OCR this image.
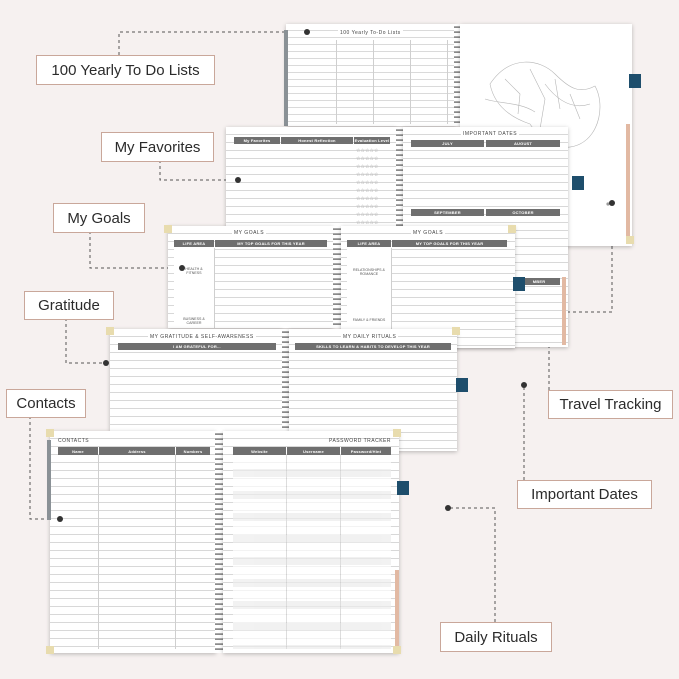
100 Yearly To-Do Lists
My Favorites	Honest Reflection	Evaluation Level
☆☆☆☆☆
☆☆☆☆☆
☆☆☆☆☆
☆☆☆☆☆
☆☆☆☆☆
☆☆☆☆☆
☆☆☆☆☆
☆☆☆☆☆
☆☆☆☆☆
☆☆☆☆☆
IMPORTANT DATES
JULY	AUGUST
SEPTEMBER	OCTOBER
MBER
MY GOALS
LIFE AREA	MY TOP GOALS FOR THIS YEAR
HEALTH & FITNESS
BUSINESS & CAREER
MY GOALS
LIFE AREA	MY TOP GOALS FOR THIS YEAR
RELATIONSHIPS & ROMANCE
FAMILY & FRIENDS
MY GRATITUDE & SELF-AWARENESS
I AM GRATEFUL FOR...
MY DAILY RITUALS
SKILLS TO LEARN & HABITS TO DEVELOP THIS YEAR
CONTACTS
Name	Address	Numbers
PASSWORD TRACKER
Website	Username	Password/Hint
100 Yearly To Do Lists
My Favorites
My Goals
Gratitude
Contacts	Travel Tracking
Important Dates
Daily Rituals
